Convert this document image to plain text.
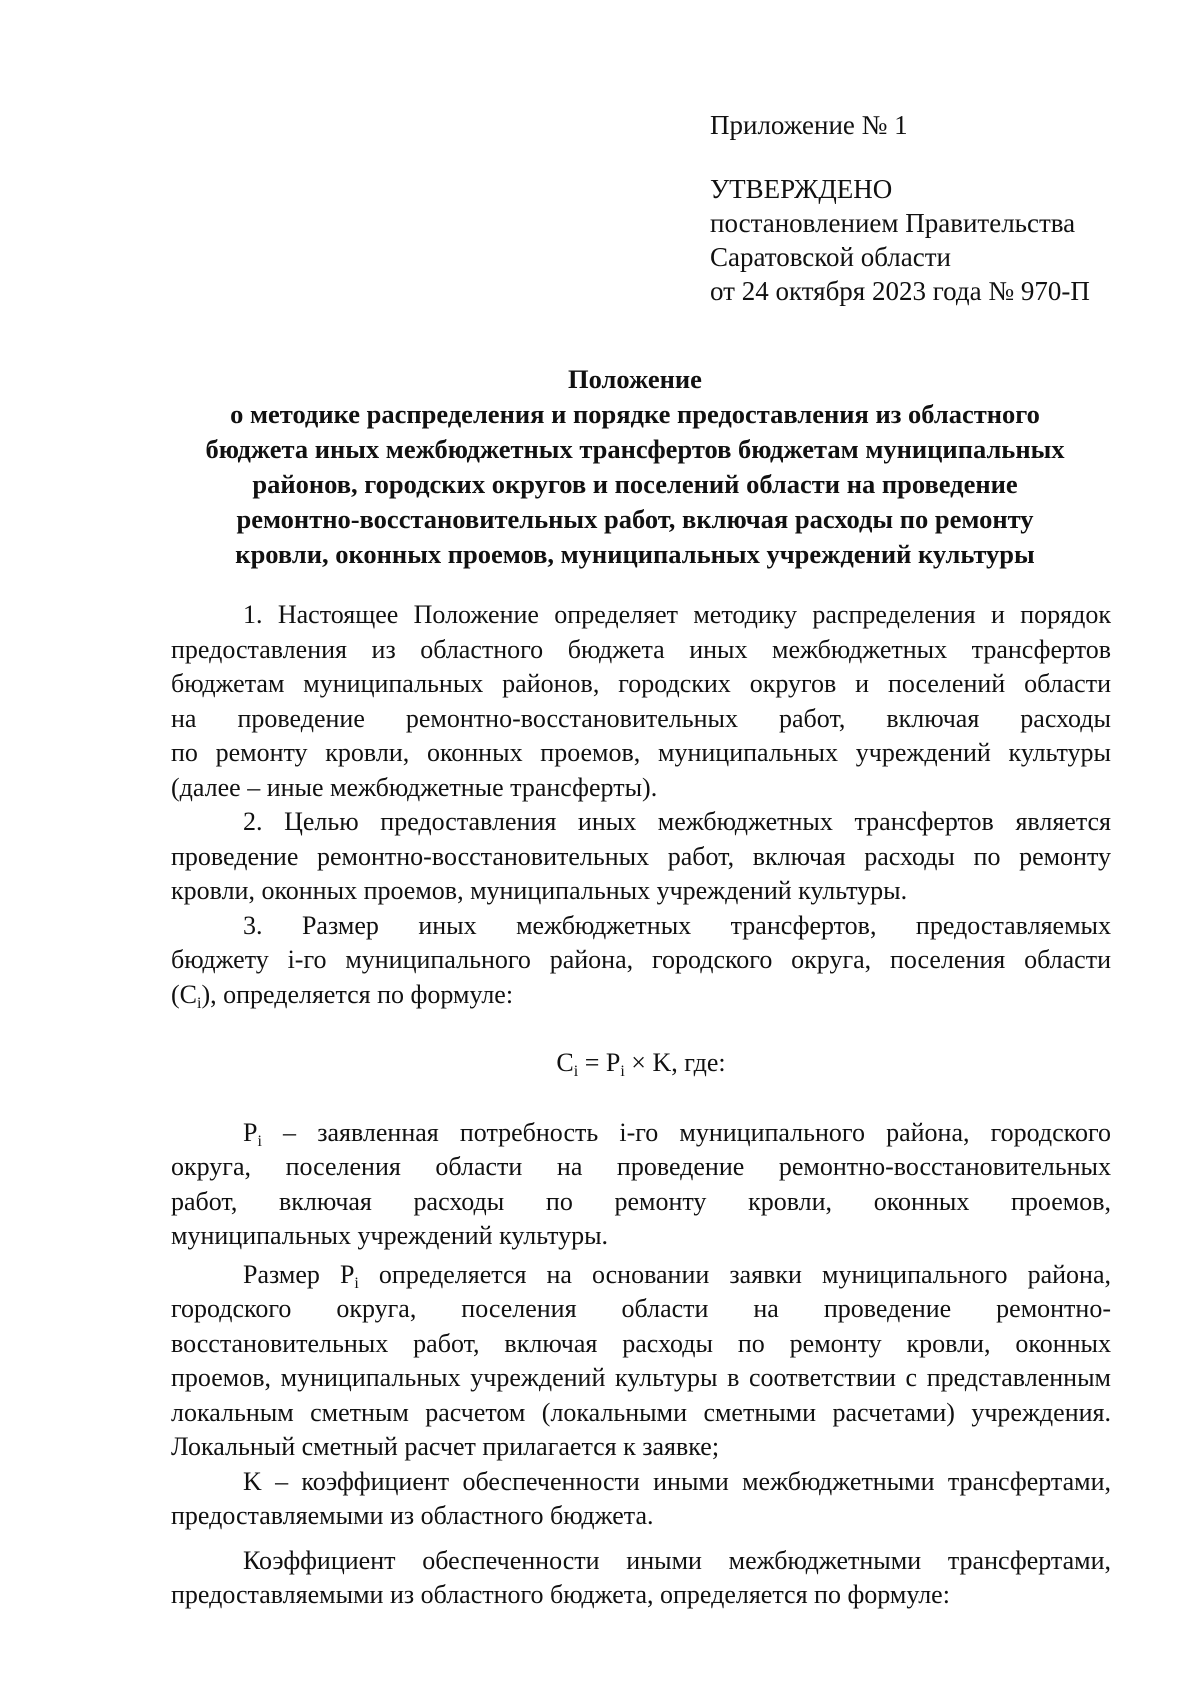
Приложение № 1
УТВЕРЖДЕНО
постановлением Правительства
Саратовской области
от 24 октября 2023 года № 970-П
Положение
о методике распределения и порядке предоставления из областного
бюджета иных межбюджетных трансфертов бюджетам муниципальных
районов, городских округов и поселений области на проведение
ремонтно-восстановительных работ, включая расходы по ремонту
кровли, оконных проемов, муниципальных учреждений культуры
1. Настоящее Положение определяет методику распределения и порядок
предоставления из областного бюджета иных межбюджетных трансфертов
бюджетам муниципальных районов, городских округов и поселений области
на проведение ремонтно-восстановительных работ, включая расходы
по ремонту кровли, оконных проемов, муниципальных учреждений культуры
(далее – иные межбюджетные трансферты).
2. Целью предоставления иных межбюджетных трансфертов является
проведение ремонтно-восстановительных работ, включая расходы по ремонту
кровли, оконных проемов, муниципальных учреждений культуры.
3. Размер иных межбюджетных трансфертов, предоставляемых
бюджету i-го муниципального района, городского округа, поселения области
$(C_i)$, определяется по формуле:
$C_i = P_i \times K$, где:
$P_i$ – заявленная потребность i-го муниципального района, городского
округа, поселения области на проведение ремонтно-восстановительных
работ, включая расходы по ремонту кровли, оконных проемов,
муниципальных учреждений культуры.
Размер $P_i$ определяется на основании заявки муниципального района,
городского округа, поселения области на проведение ремонтно-
восстановительных работ, включая расходы по ремонту кровли, оконных
проемов, муниципальных учреждений культуры в соответствии с представленным
локальным сметным расчетом (локальными сметными расчетами) учреждения.
Локальный сметный расчет прилагается к заявке;
K – коэффициент обеспеченности иными межбюджетными трансфертами,
предоставляемыми из областного бюджета.
Коэффициент обеспеченности иными межбюджетными трансфертами,
предоставляемыми из областного бюджета, определяется по формуле:
